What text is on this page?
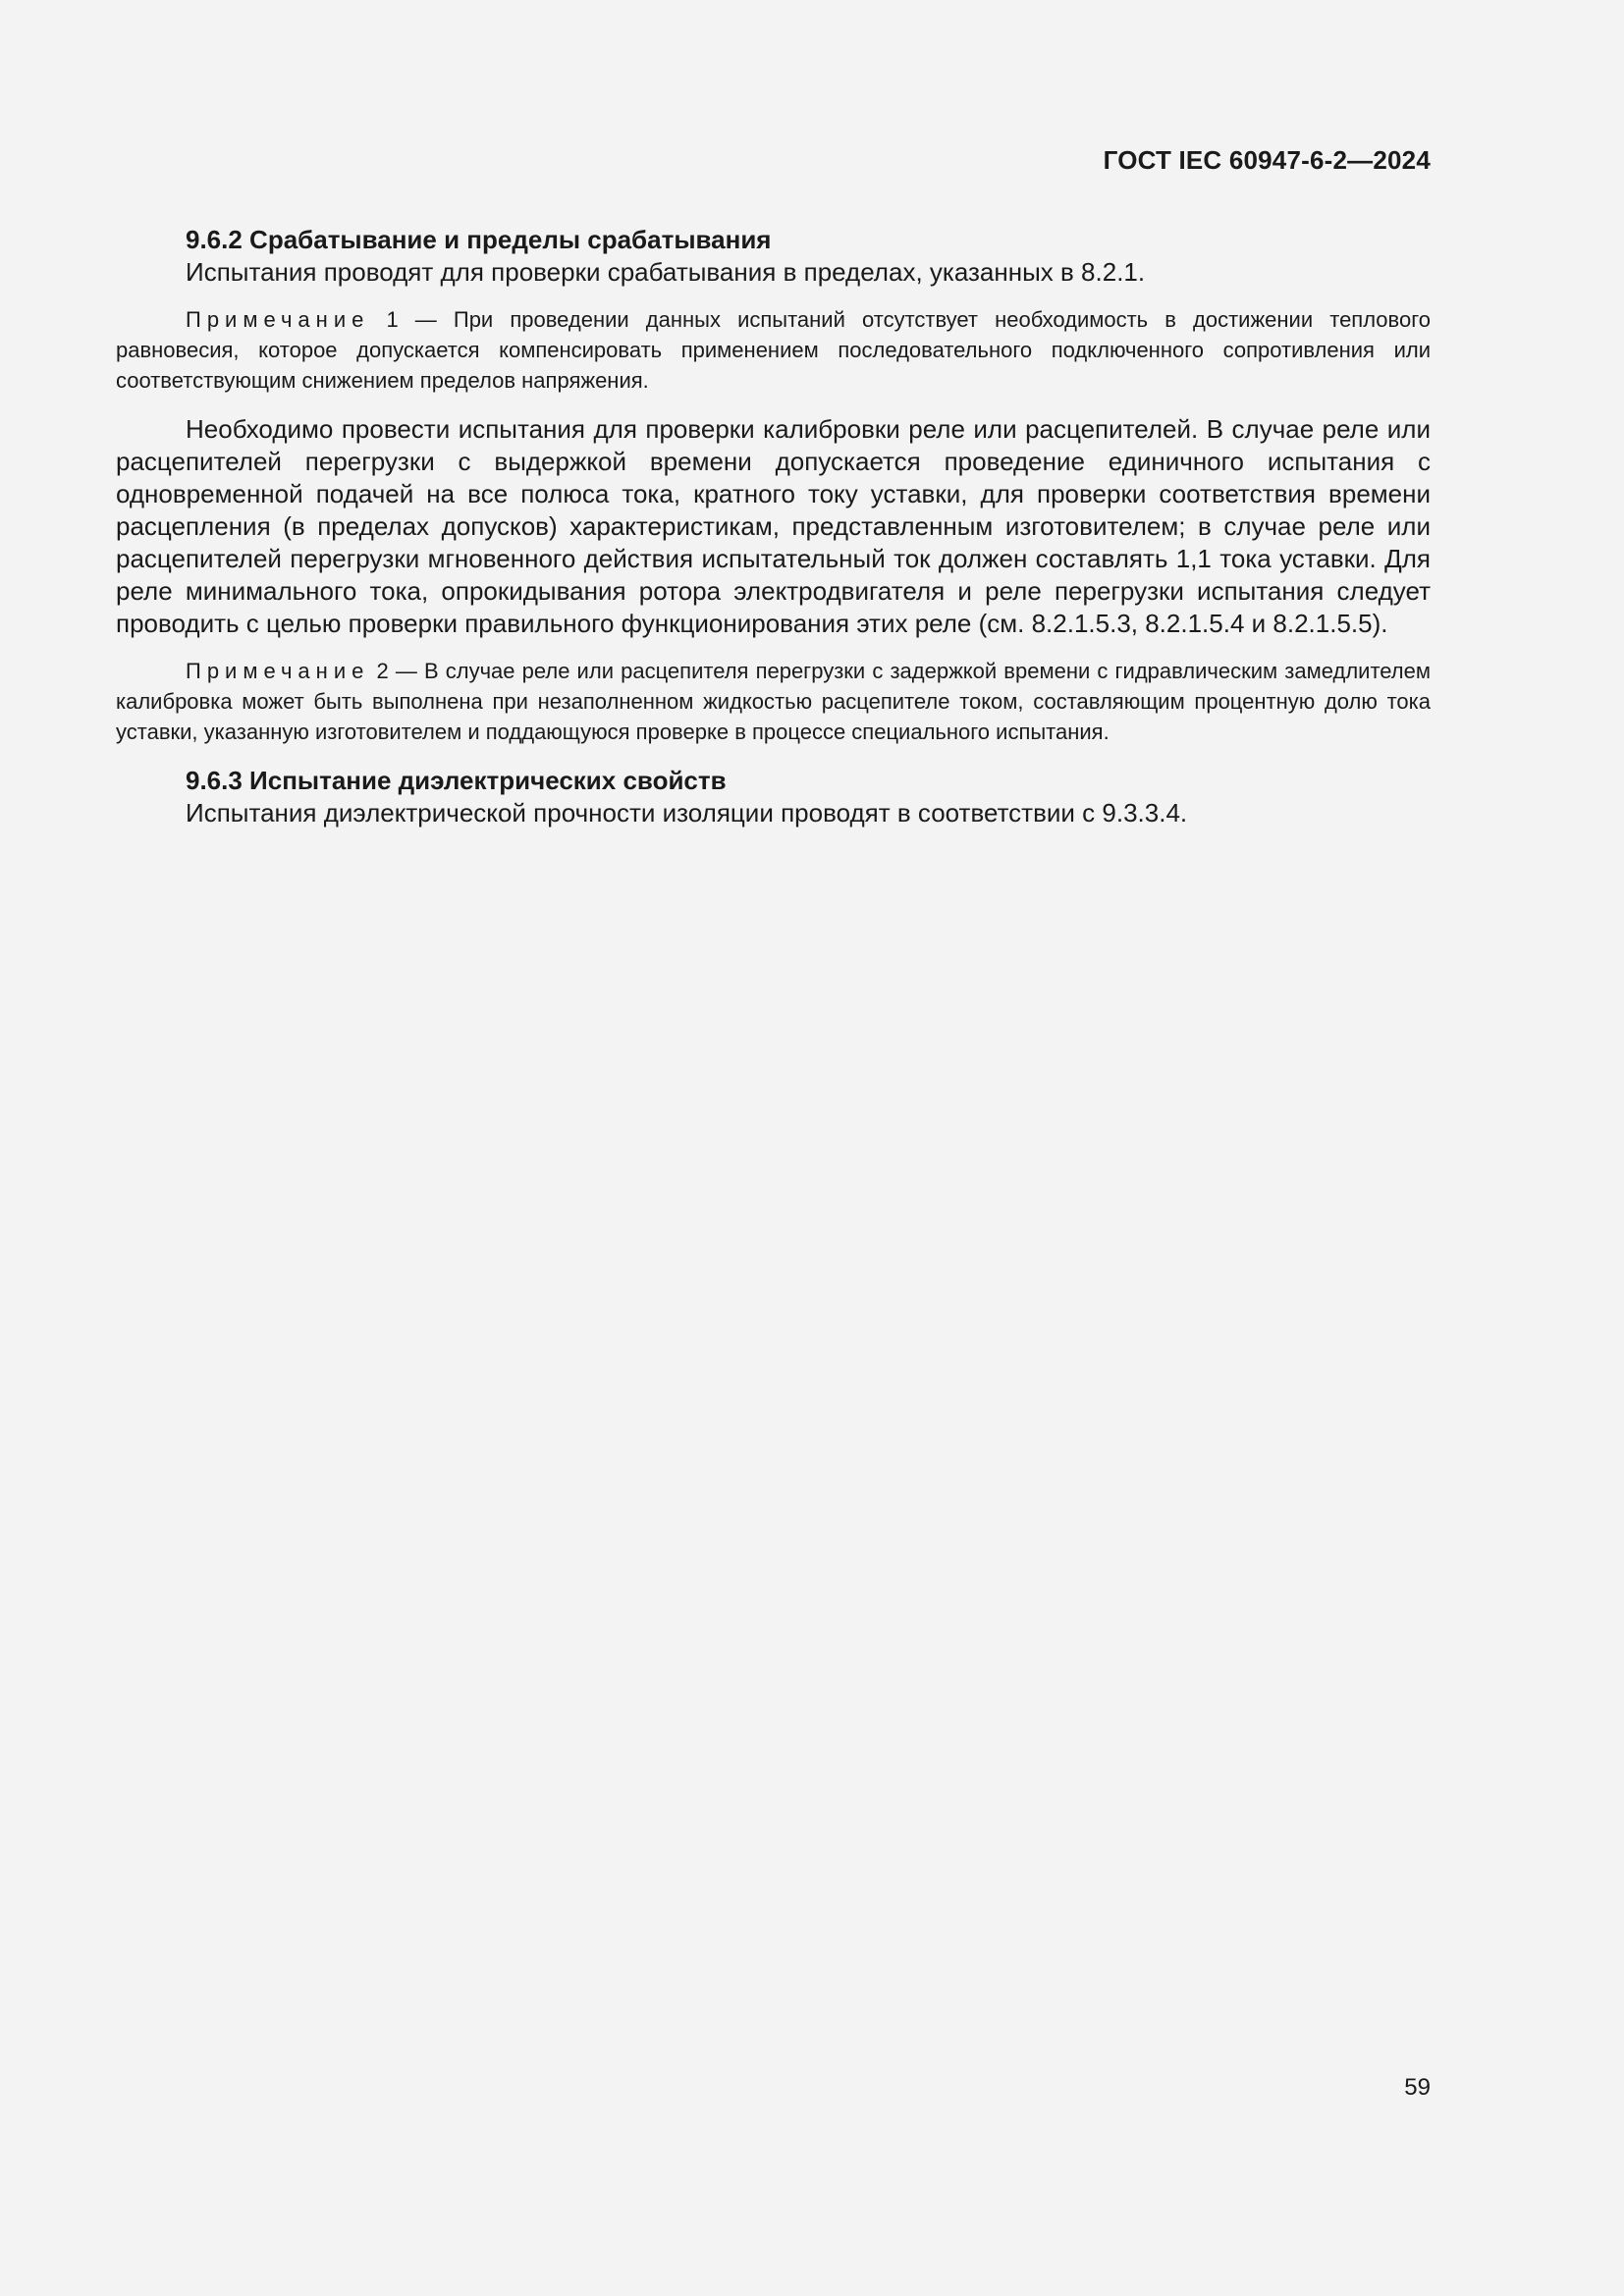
ГОСТ IEC 60947-6-2—2024
9.6.2 Срабатывание и пределы срабатывания

Испытания проводят для проверки срабатывания в пределах, указанных в 8.2.1.

Примечание 1 — При проведении данных испытаний отсутствует необходимость в достижении теплового равновесия, которое допускается компенсировать применением последовательного подключенного сопротивления или соответствующим снижением пределов напряжения.

Необходимо провести испытания для проверки калибровки реле или расцепителей. В случае реле или расцепителей перегрузки с выдержкой времени допускается проведение единичного испытания с одновременной подачей на все полюса тока, кратного току уставки, для проверки соответствия времени расцепления (в пределах допусков) характеристикам, представленным изготовителем; в случае реле или расцепителей перегрузки мгновенного действия испытательный ток должен составлять 1,1 тока уставки. Для реле минимального тока, опрокидывания ротора электродвигателя и реле перегрузки испытания следует проводить с целью проверки правильного функционирования этих реле (см. 8.2.1.5.3, 8.2.1.5.4 и 8.2.1.5.5).

Примечание 2 — В случае реле или расцепителя перегрузки с задержкой времени с гидравлическим замедлителем калибровка может быть выполнена при незаполненном жидкостью расцепителе током, составляющим процентную долю тока уставки, указанную изготовителем и поддающуюся проверке в процессе специального испытания.

9.6.3 Испытание диэлектрических свойств

Испытания диэлектрической прочности изоляции проводят в соответствии с 9.3.3.4.

59
